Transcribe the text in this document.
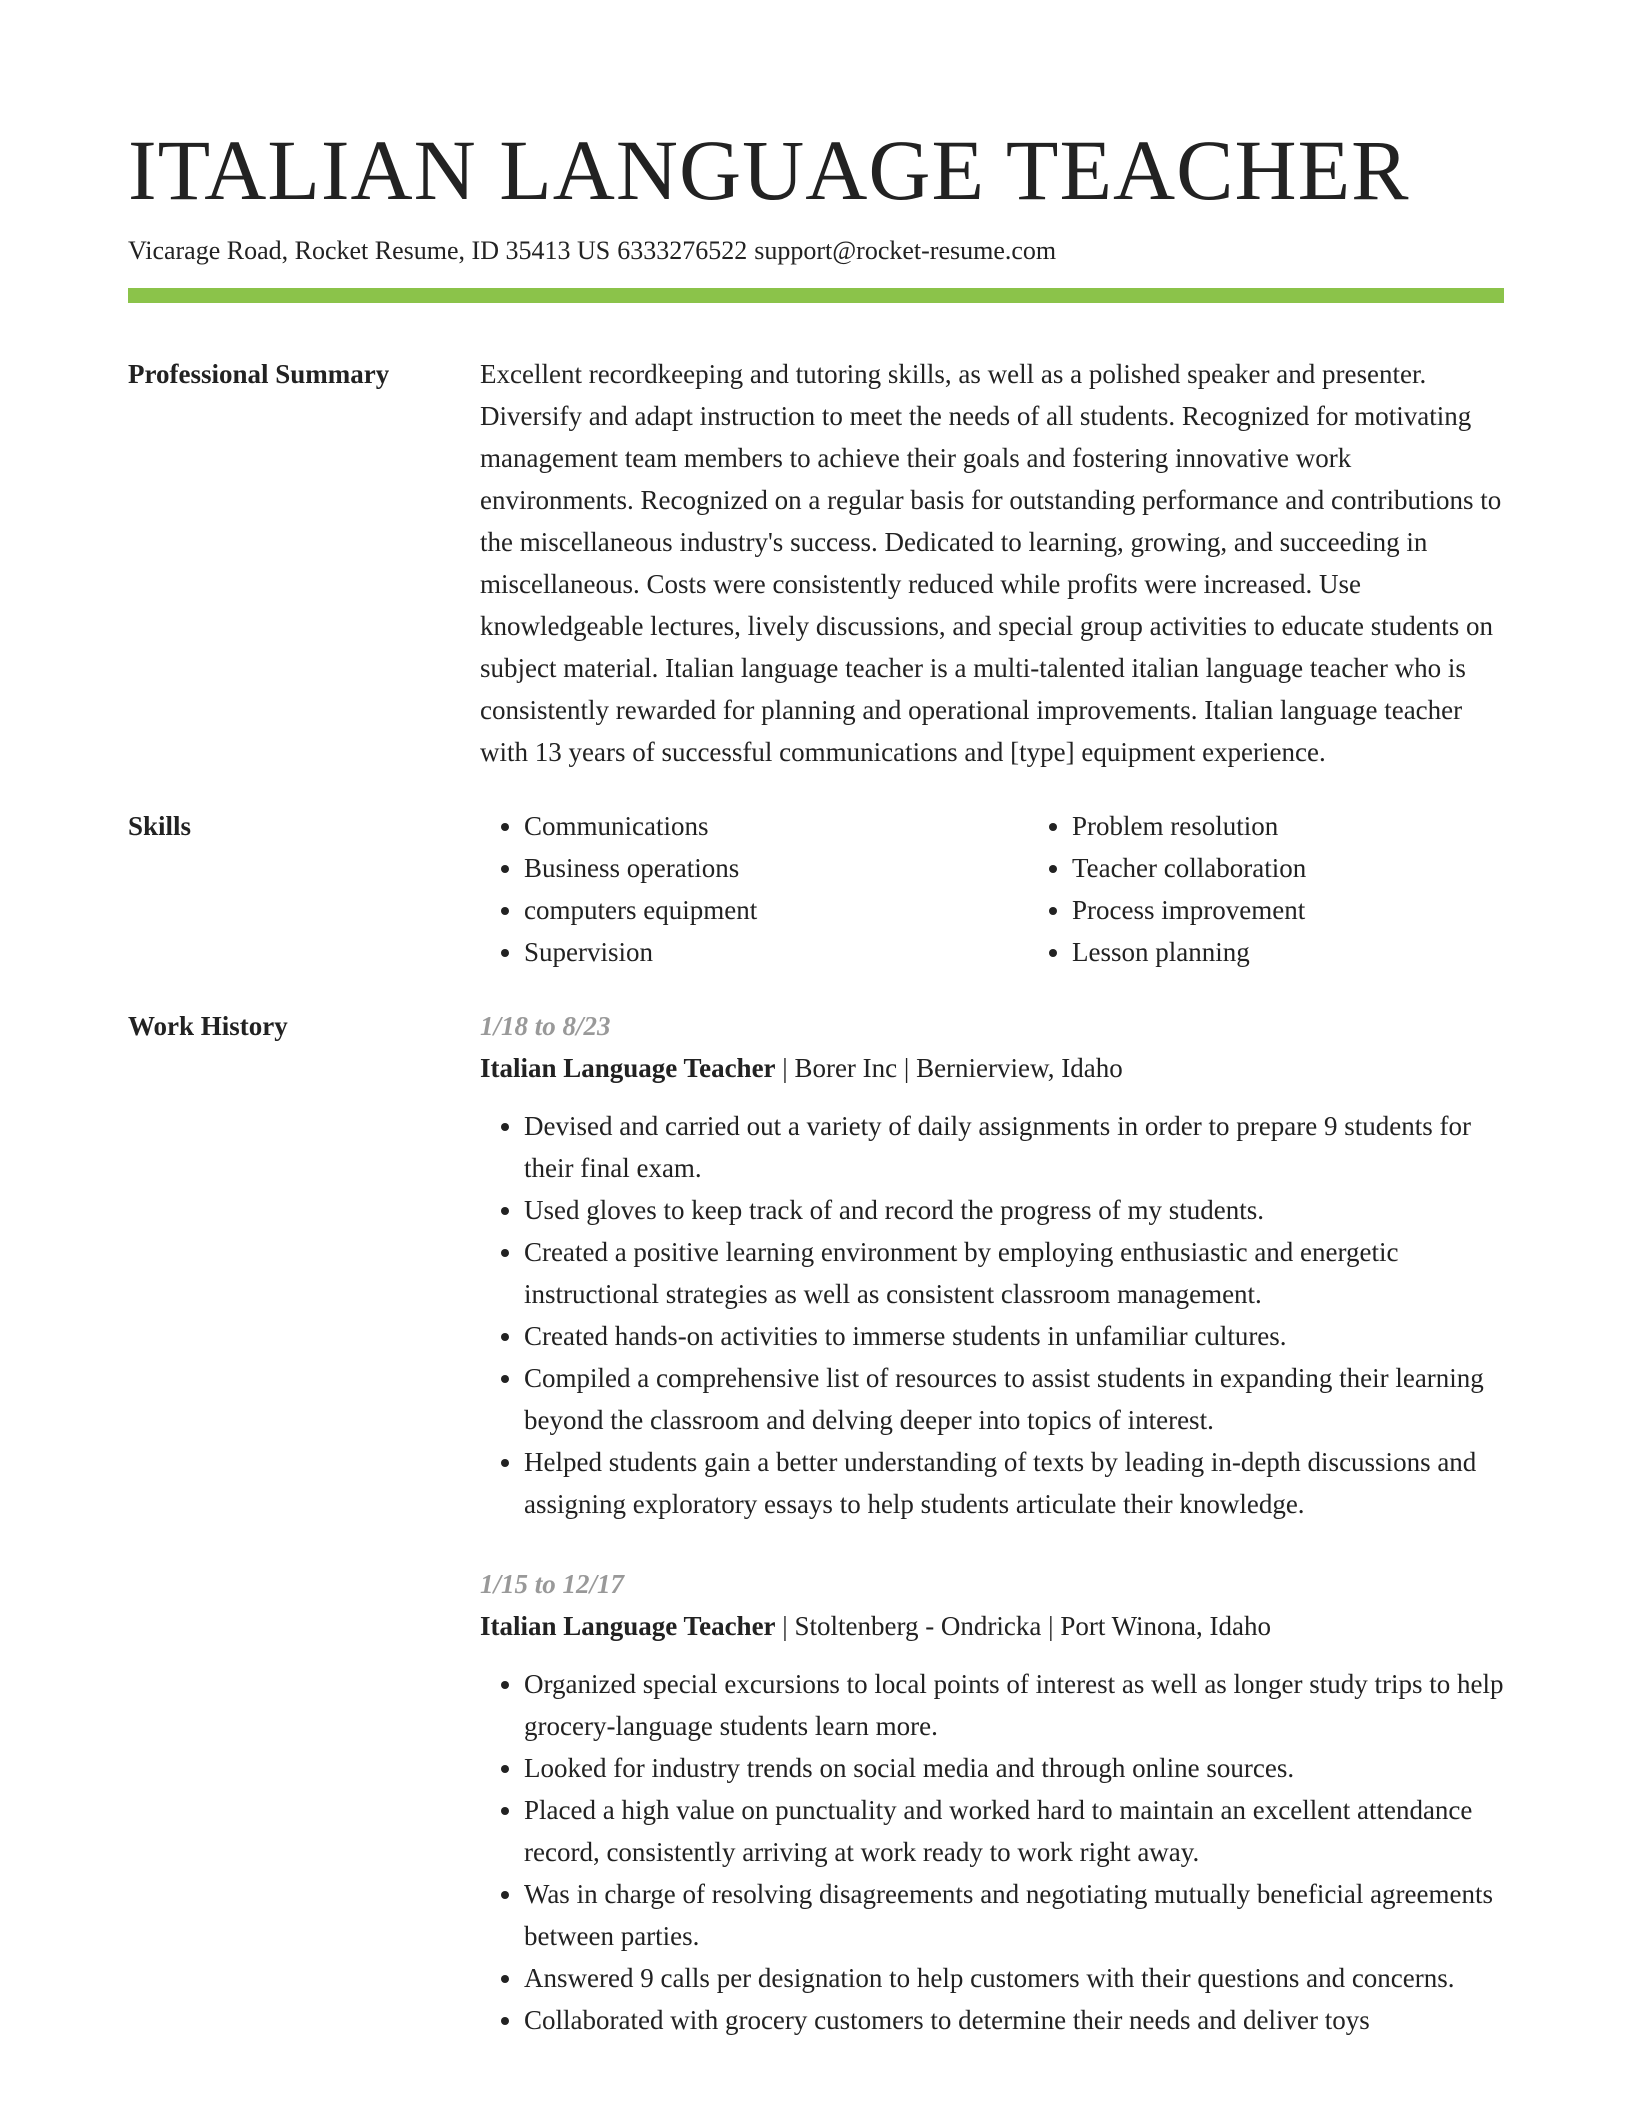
ITALIAN LANGUAGE TEACHER
Vicarage Road, Rocket Resume, ID 35413 US 6333276522 support@rocket-resume.com
Professional Summary	Excellent recordkeeping and tutoring skills, as well as a polished speaker and presenter. Diversify and adapt instruction to meet the needs of all students. Recognized for motivating management team members to achieve their goals and fostering innovative work environments. Recognized on a regular basis for outstanding performance and contributions to the miscellaneous industry's success. Dedicated to learning, growing, and succeeding in miscellaneous. Costs were consistently reduced while profits were increased. Use knowledgeable lectures, lively discussions, and special group activities to educate students on subject material. Italian language teacher is a multi-talented italian language teacher who is consistently rewarded for planning and operational improvements. Italian language teacher with 13 years of successful communications and [type] equipment experience.

Skills
•	Communications
• Business operations
• computers equipment
• Supervision
• Problem resolution
• Teacher collaboration
• Process improvement
• Lesson planning
Work History	1/18 to 8/23
Italian Language Teacher | Borer Inc | Bernierview, Idaho
• Devised and carried out a variety of daily assignments in order to prepare 9 students for their final exam.
• Used gloves to keep track of and record the progress of my students.
• Created a positive learning environment by employing enthusiastic and energetic instructional strategies as well as consistent classroom management.
• Created hands-on activities to immerse students in unfamiliar cultures.
• Compiled a comprehensive list of resources to assist students in expanding their learning beyond the classroom and delving deeper into topics of interest.
• Helped students gain a better understanding of texts by leading in-depth discussions and assigning exploratory essays to help students articulate their knowledge.
1/15 to 12/17
Italian Language Teacher | Stoltenberg - Ondricka | Port Winona, Idaho
• Organized special excursions to local points of interest as well as longer study trips to help grocery-language students learn more.
• Looked for industry trends on social media and through online sources.
• Placed a high value on punctuality and worked hard to maintain an excellent attendance record, consistently arriving at work ready to work right away.
• Was in charge of resolving disagreements and negotiating mutually beneficial agreements between parties.
• Answered 9 calls per designation to help customers with their questions and concerns.
• Collaborated with grocery customers to determine their needs and deliver toys
